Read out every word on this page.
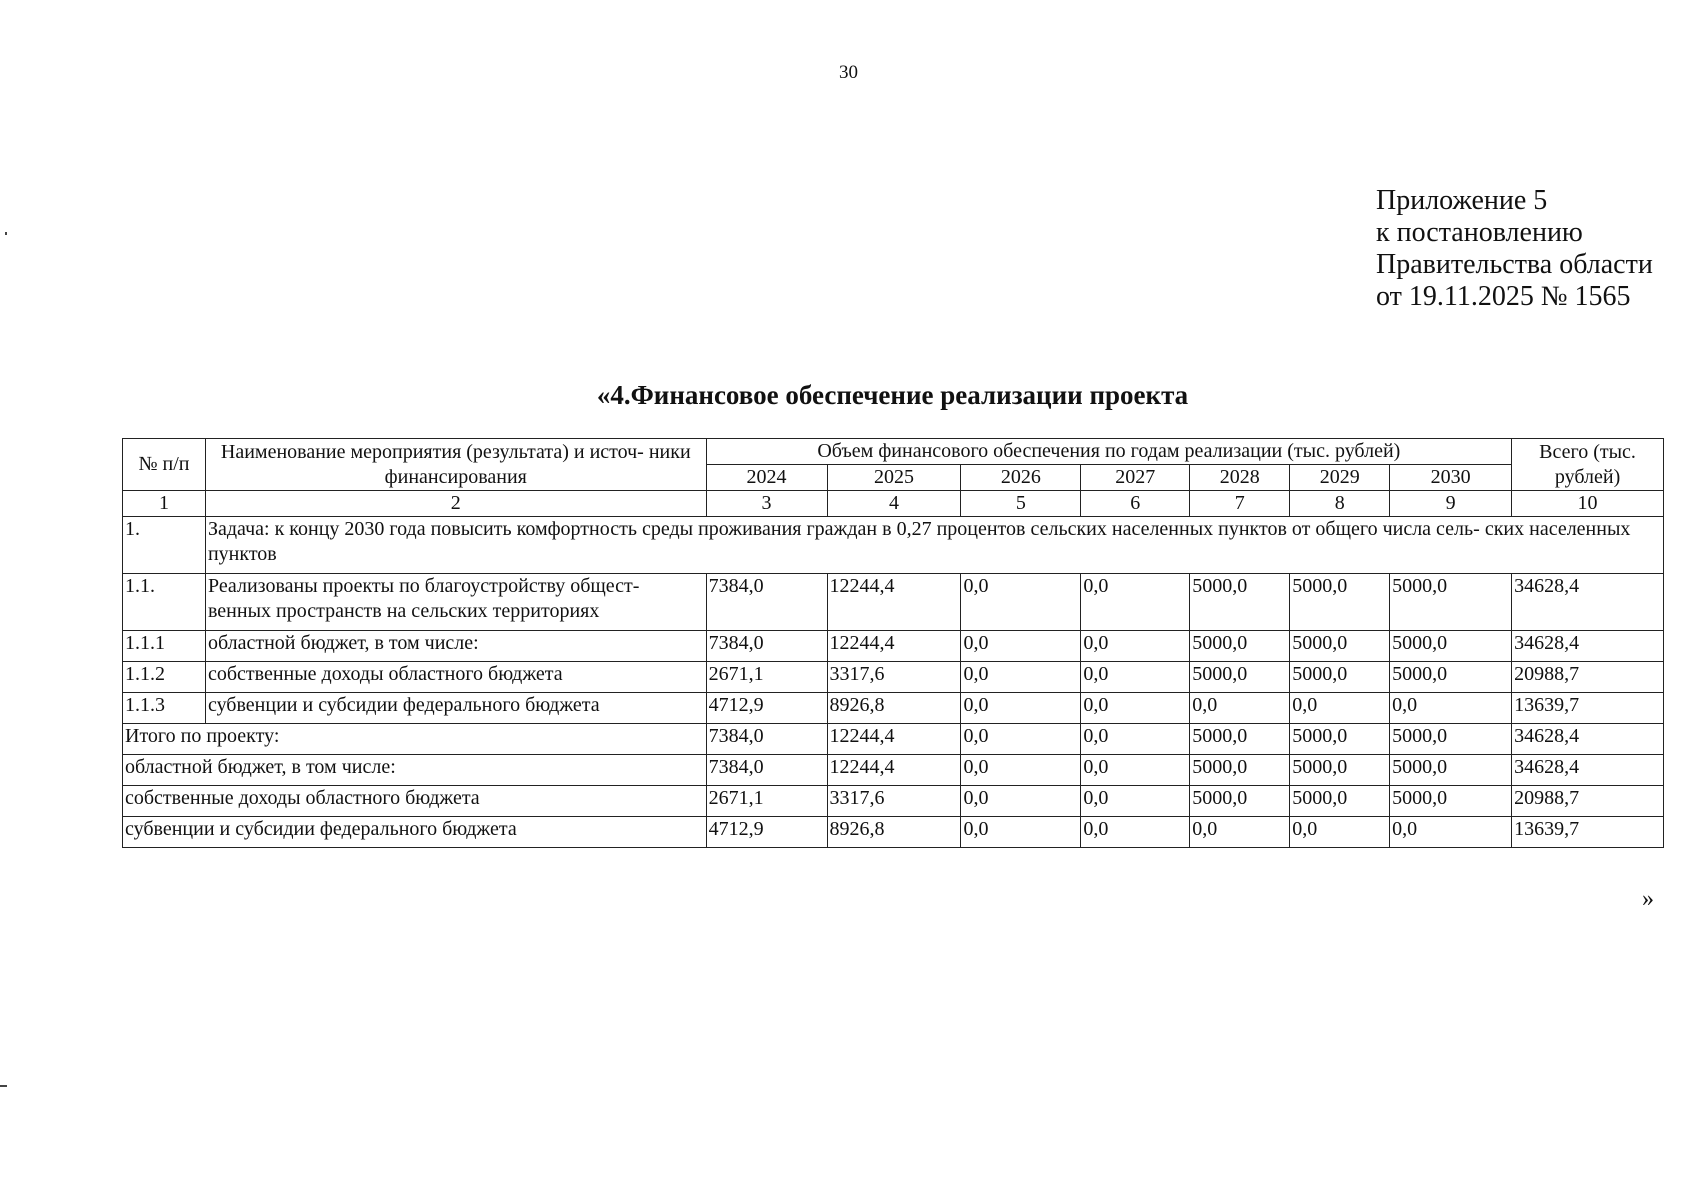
30
Приложение 5
к постановлению
Правительства области
от 19.11.2025 № 1565
«4.Финансовое обеспечение реализации проекта
№ п/п	Наименование мероприятия (результата) и источ- ники финансирования	Объем финансового обеспечения по годам реализации (тыс. рублей)							Всего (тыс. рублей)
		2024	2025	2026	2027	2028	2029	2030	
1	2	3	4	5	6	7	8	9	10
1.	Задача: к концу 2030 года повысить комфортность среды проживания граждан в 0,27 процентов сельских населенных пунктов от общего числа сель- ских населенных пунктов								
1.1.	Реализованы проекты по благоустройству общест- венных пространств на сельских территориях	7384,0	12244,4	0,0	0,0	5000,0	5000,0	5000,0	34628,4
1.1.1	областной бюджет, в том числе:	7384,0	12244,4	0,0	0,0	5000,0	5000,0	5000,0	34628,4
1.1.2	собственные доходы областного бюджета	2671,1	3317,6	0,0	0,0	5000,0	5000,0	5000,0	20988,7
1.1.3	субвенции и субсидии федерального бюджета	4712,9	8926,8	0,0	0,0	0,0	0,0	0,0	13639,7
Итого по проекту:		7384,0	12244,4	0,0	0,0	5000,0	5000,0	5000,0	34628,4
областной бюджет, в том числе:		7384,0	12244,4	0,0	0,0	5000,0	5000,0	5000,0	34628,4
собственные доходы областного бюджета		2671,1	3317,6	0,0	0,0	5000,0	5000,0	5000,0	20988,7
субвенции и субсидии федерального бюджета		4712,9	8926,8	0,0	0,0	0,0	0,0	0,0	13639,7
»
